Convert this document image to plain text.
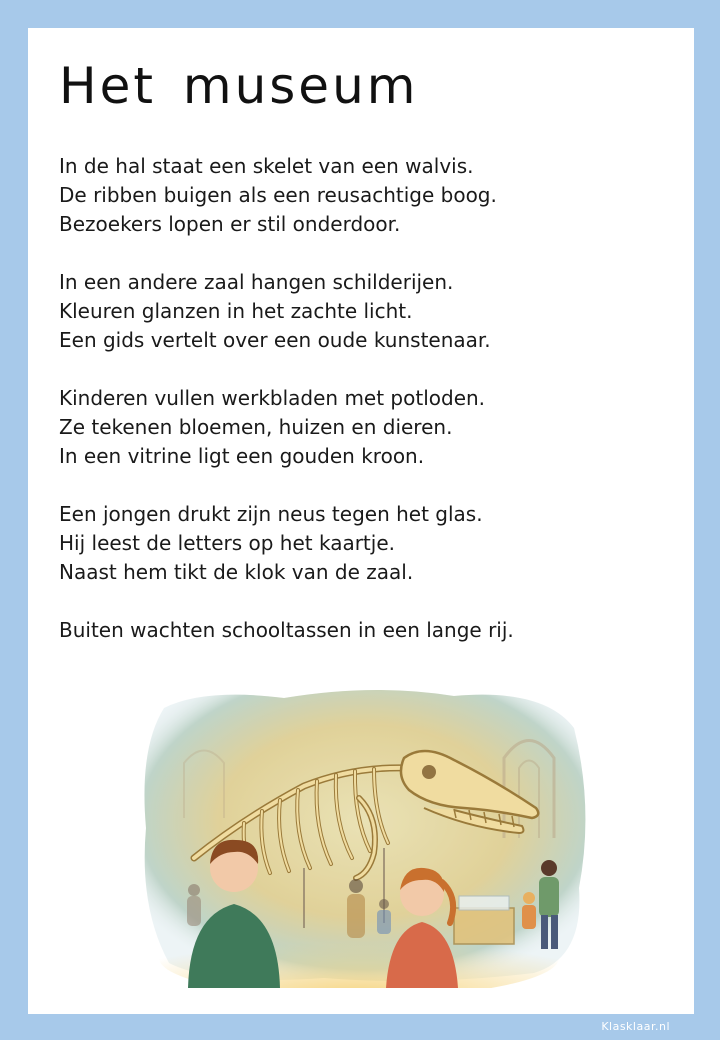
Het museum
In de hal staat een skelet van een walvis.
De ribben buigen als een reusachtige boog.
Bezoekers lopen er stil onderdoor.
In een andere zaal hangen schilderijen.
Kleuren glanzen in het zachte licht.
Een gids vertelt over een oude kunstenaar.
Kinderen vullen werkbladen met potloden.
Ze tekenen bloemen, huizen en dieren.
In een vitrine ligt een gouden kroon.
Een jongen drukt zijn neus tegen het glas.
Hij leest de letters op het kaartje.
Naast hem tikt de klok van de zaal.
Buiten wachten schooltassen in een lange rij.
Klasklaar.nl
